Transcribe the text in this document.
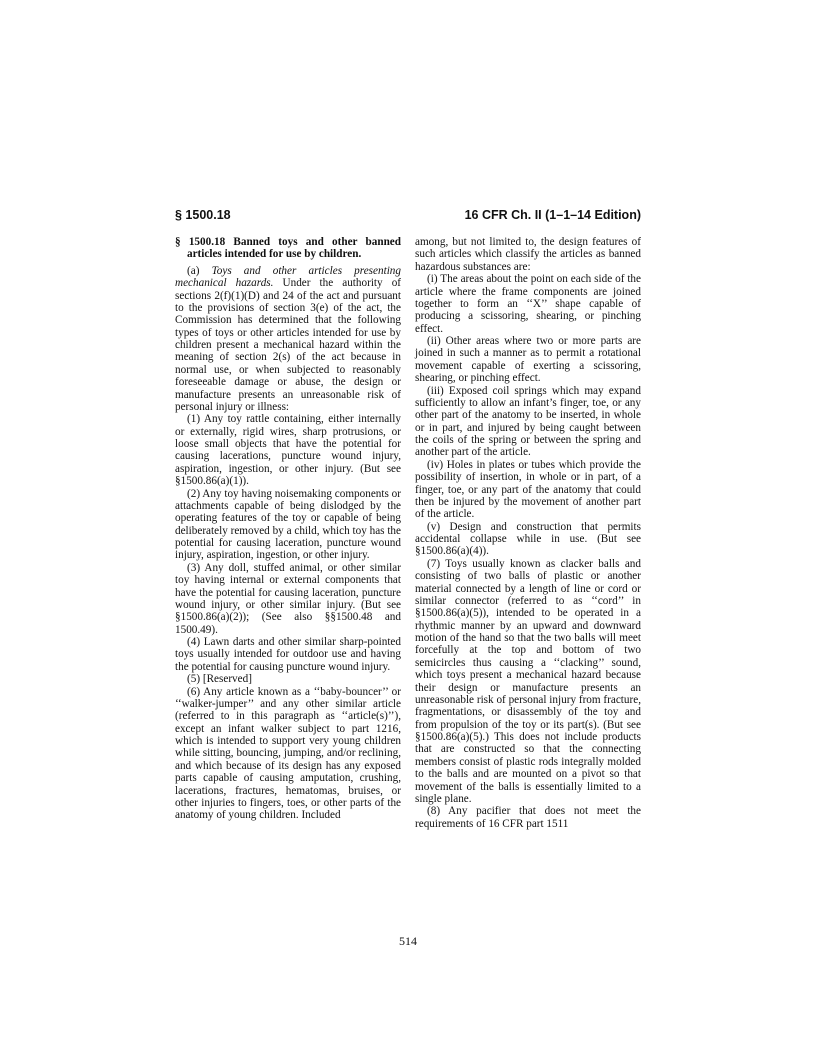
§ 1500.18	16 CFR Ch. II (1–1–14 Edition)
§ 1500.18 Banned toys and other banned articles intended for use by children.

(a) Toys and other articles presenting mechanical hazards. Under the authority of sections 2(f)(1)(D) and 24 of the act and pursuant to the provisions of section 3(e) of the act, the Commission has determined that the following types of toys or other articles intended for use by children present a mechanical hazard within the meaning of section 2(s) of the act because in normal use, or when subjected to reasonably foreseeable damage or abuse, the design or manufacture presents an unreasonable risk of personal injury or illness:

(1) Any toy rattle containing, either internally or externally, rigid wires, sharp protrusions, or loose small objects that have the potential for causing lacerations, puncture wound injury, aspiration, ingestion, or other injury. (But see §1500.86(a)(1)).

(2) Any toy having noisemaking components or attachments capable of being dislodged by the operating features of the toy or capable of being deliberately removed by a child, which toy has the potential for causing laceration, puncture wound injury, aspiration, ingestion, or other injury.

(3) Any doll, stuffed animal, or other similar toy having internal or external components that have the potential for causing laceration, puncture wound injury, or other similar injury. (But see §1500.86(a)(2)); (See also §§1500.48 and 1500.49).

(4) Lawn darts and other similar sharp-pointed toys usually intended for outdoor use and having the potential for causing puncture wound injury.

(5) [Reserved]

(6) Any article known as a ‘‘baby-bouncer’’ or ‘‘walker-jumper’’ and any other similar article (referred to in this paragraph as ‘‘article(s)’’), except an infant walker subject to part 1216, which is intended to support very young children while sitting, bouncing, jumping, and/or reclining, and which because of its design has any exposed parts capable of causing amputation, crushing, lacerations, fractures, hematomas, bruises, or other injuries to fingers, toes, or other parts of the anatomy of young children. Included

among, but not limited to, the design features of such articles which classify the articles as banned hazardous substances are:

(i) The areas about the point on each side of the article where the frame components are joined together to form an ‘‘X’’ shape capable of producing a scissoring, shearing, or pinching effect.

(ii) Other areas where two or more parts are joined in such a manner as to permit a rotational movement capable of exerting a scissoring, shearing, or pinching effect.

(iii) Exposed coil springs which may expand sufficiently to allow an infant’s finger, toe, or any other part of the anatomy to be inserted, in whole or in part, and injured by being caught between the coils of the spring or between the spring and another part of the article.

(iv) Holes in plates or tubes which provide the possibility of insertion, in whole or in part, of a finger, toe, or any part of the anatomy that could then be injured by the movement of another part of the article.

(v) Design and construction that permits accidental collapse while in use. (But see §1500.86(a)(4)).

(7) Toys usually known as clacker balls and consisting of two balls of plastic or another material connected by a length of line or cord or similar connector (referred to as ‘‘cord’’ in §1500.86(a)(5)), intended to be operated in a rhythmic manner by an upward and downward motion of the hand so that the two balls will meet forcefully at the top and bottom of two semicircles thus causing a ‘‘clacking’’ sound, which toys present a mechanical hazard because their design or manufacture presents an unreasonable risk of personal injury from fracture, fragmentations, or disassembly of the toy and from propulsion of the toy or its part(s). (But see §1500.86(a)(5).) This does not include products that are constructed so that the connecting members consist of plastic rods integrally molded to the balls and are mounted on a pivot so that movement of the balls is essentially limited to a single plane.

(8) Any pacifier that does not meet the requirements of 16 CFR part 1511

514
